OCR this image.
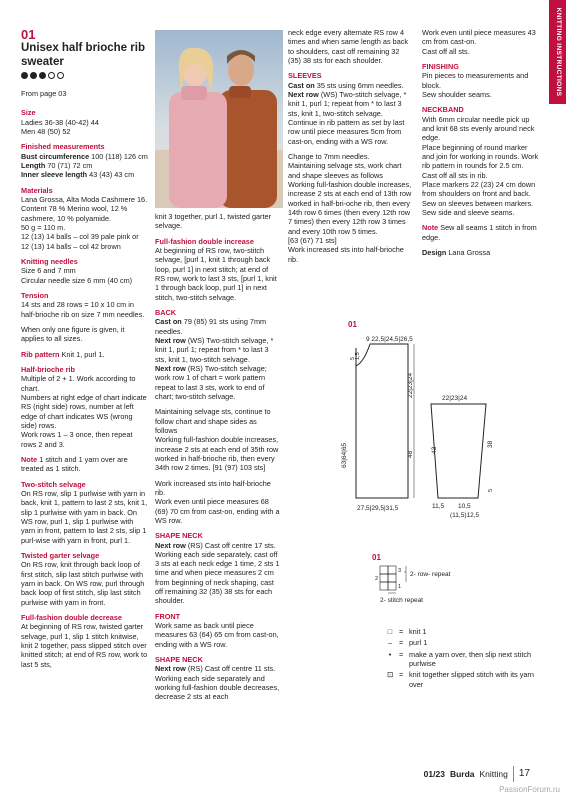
KNITTING INSTRUCTIONS
01
Unisex half brioche rib sweater

From page 03

Size
Ladies 36-38 (40-42) 44
Men 48 (50) 52

Finished measurements
Bust circumference 100 (118) 126 cm
Length 70 (71) 72 cm
Inner sleeve length 43 (43) 43 cm

Materials
Lana Grossa, Alta Moda Cashmere 16.
Content 78 % Merino wool, 12 % cashmere, 10 % polyamide.
50 g = 110 m.
12 (13) 14 balls – col 39 pale pink or 12 (13) 14 balls – col 42 brown

Knitting needles
Size 6 and 7 mm
Circular needle size 6 mm (40 cm)

Tension
14 sts and 28 rows = 10 x 10 cm in half-brioche rib on size 7 mm needles.

When only one figure is given, it applies to all sizes.

Rib pattern Knit 1, purl 1.

Half-brioche rib
Multiple of 2 + 1. Work according to chart.
Numbers at right edge of chart indicate RS (right side) rows, number at left edge of chart indicates WS (wrong side) rows.
Work rows 1 – 3 once, then repeat rows 2 and 3.

Note 1 stitch and 1 yarn over are treated as 1 stitch.

Two-stitch selvage
On RS row, slip 1 purlwise with yarn in back, knit 1, pattern to last 2 sts, knit 1, slip 1 purlwise with yarn in back. On WS row, purl 1, slip 1 purlwise with yarn in front, pattern to last 2 sts, slip 1 purl-wise with yarn in front, purl 1.

Twisted garter selvage
On RS row, knit through back loop of first stitch, slip last stitch purlwise with yarn in back. On WS row, purl through back loop of first stitch, slip last stitch purlwise with yarn in front.

Full-fashion double decrease
At beginning of RS row, twisted garter selvage, purl 1, slip 1 stitch knitwise, knit 2 together, pass slipped stitch over knitted stitch; at end of RS row, work to last 5 sts,

knit 3 together, purl 1, twisted garter selvage.

Full-fashion double increase
At beginning of RS row, two-stitch selvage, [purl 1, knit 1 through back loop, purl 1] in next stitch; at end of RS row, work to last 3 sts, [purl 1, knit 1 through back loop, purl 1] in next stitch, two-stitch selvage.

BACK
Cast on 79 (85) 91 sts using 7mm needles.
Next row (WS) Two-stitch selvage, * knit 1, purl 1; repeat from * to last 3 sts, knit 1, two-stitch selvage.
Next row (RS) Two-stitch selvage; work row 1 of chart = work pattern repeat to last 3 sts, work to end of chart; two-stitch selvage.

Maintaining selvage sts, continue to follow chart and shape sides as follows
Working full-fashion double increases, increase 2 sts at each end of 35th row worked in half-brioche rib, then every 34th row 2 times. [91 (97) 103 sts]

Work increased sts into half-brioche rib.
Work even until piece measures 68 (69) 70 cm from cast-on, ending with a WS row.

SHAPE NECK
Next row (RS) Cast off centre 17 sts.
Working each side separately, cast off 3 sts at each neck edge 1 time, 2 sts 1 time and when piece measures 2 cm from beginning of neck shaping, cast off remaining 32 (35) 38 sts for each shoulder.

FRONT
Work same as back until piece measures 63 (64) 65 cm from cast-on, ending with a WS row.

SHAPE NECK
Next row (RS) Cast off centre 11 sts.
Working each side separately and working full-fashion double decreases, decrease 2 sts at each

neck edge every alternate RS row 4 times and when same length as back to shoulders, cast off remaining 32 (35) 38 sts for each shoulder.

SLEEVES
Cast on 35 sts using 6mm needles.
Next row (WS) Two-stitch selvage, * knit 1, purl 1; repeat from * to last 3 sts, knit 1, two-stitch selvage.
Continue in rib pattern as set by last row until piece measures 5cm from cast-on, ending with a WS row.

Change to 7mm needles.
Maintaining selvage sts, work chart and shape sleeves as follows
Working full-fashion double increases, increase 2 sts at each end of 13th row worked in half-bri-oche rib, then every 14th row 6 times (then every 12th row 7 times) then every 12th row 3 times and every 10th row 5 times.
[63 (67) 71 sts]
Work increased sts into half-brioche rib.

Work even until piece measures 43 cm from cast-on.
Cast off all sts.

FINISHING
Pin pieces to measurements and block.
Sew shoulder seams.

NECKBAND
With 6mm circular needle pick up and knit 68 sts evenly around neck edge.
Place beginning of round marker and join for working in rounds. Work rib pattern in rounds for 2.5 cm.
Cast off all sts in rib.
Place markers 22 (23) 24 cm down from shoulders on front and back.
Sew on sleeves between markers.
Sew side and sleeve seams.

Note Sew all seams 1 stitch in from edge.

Design Lana Grossa

01
9 22,5|24,5|26,5
5 1,5
22|23|24
48
63|64|65
27,5|29,5|31,5
22|23|24
43
38
5
11,5 10,5
(11,5)12,5
01
3
2
1
2- row- repeat
2- stitch repeat
□ = knit 1
– = purl 1
•	= make a yarn over, then slip next stitch purlwise
⊡ = knit together slipped stitch with its yarn over
01/23 Burda Knitting 17
PassionForum.ru
